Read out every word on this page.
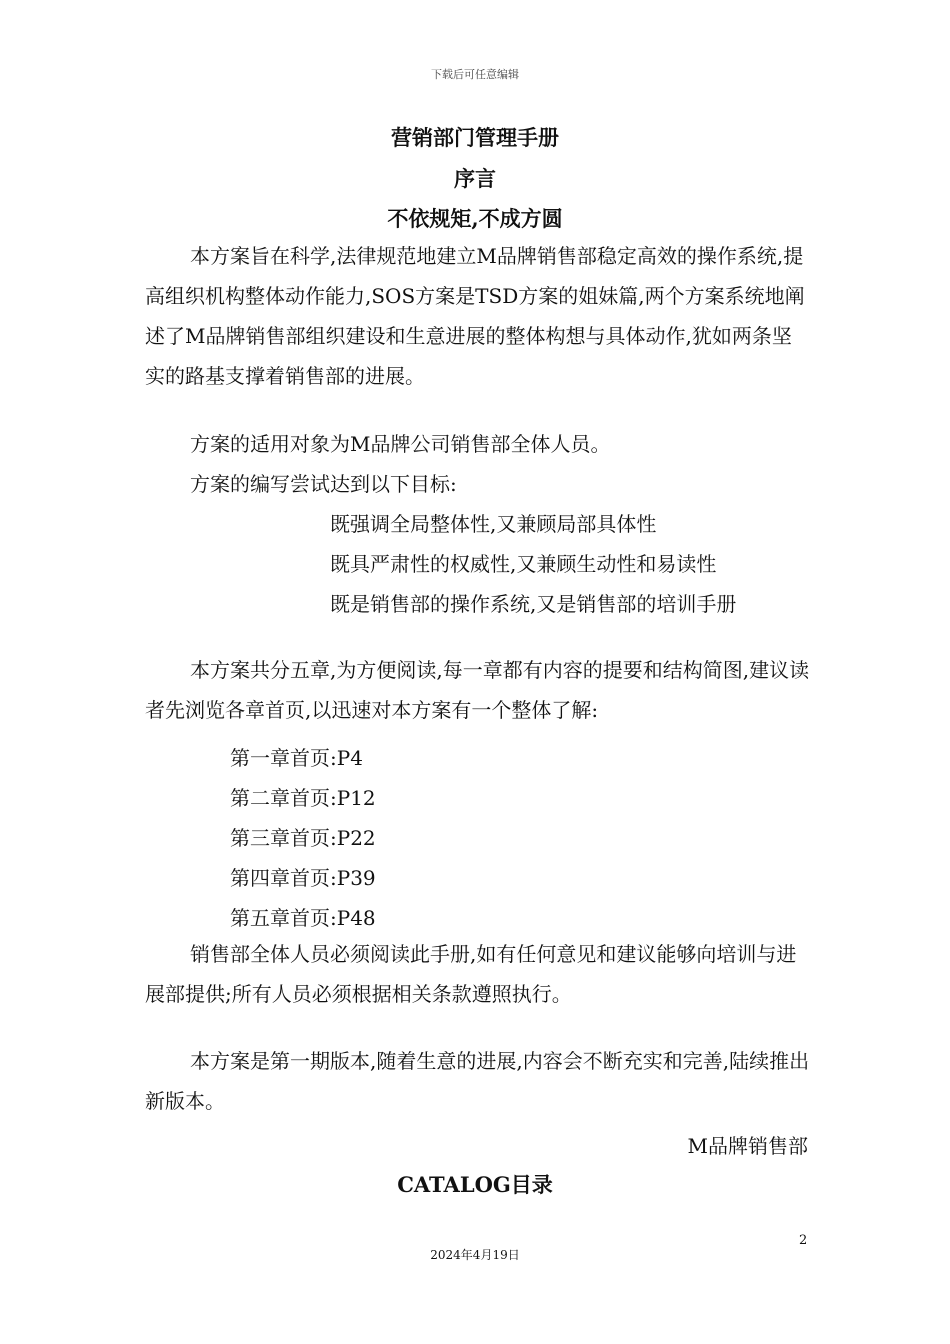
下载后可任意编辑
营销部门管理手册
序言
不依规矩,不成方圆

本方案旨在科学,法律规范地建立M品牌销售部稳定高效的操作系统,提高组织机构整体动作能力,SOS方案是TSD方案的姐妹篇,两个方案系统地阐述了M品牌销售部组织建设和生意进展的整体构想与具体动作,犹如两条坚实的路基支撑着销售部的进展。

方案的适用对象为M品牌公司销售部全体人员。

方案的编写尝试达到以下目标:

既强调全局整体性,又兼顾局部具体性
既具严肃性的权威性,又兼顾生动性和易读性
既是销售部的操作系统,又是销售部的培训手册

本方案共分五章,为方便阅读,每一章都有内容的提要和结构简图,建议读者先浏览各章首页,以迅速对本方案有一个整体了解:

第一章首页:P4
第二章首页:P12
第三章首页:P22
第四章首页:P39
第五章首页:P48

销售部全体人员必须阅读此手册,如有任何意见和建议能够向培训与进展部提供;所有人员必须根据相关条款遵照执行。

本方案是第一期版本,随着生意的进展,内容会不断充实和完善,陆续推出新版本。

M品牌销售部
CATALOG目录
2
2024年4月19日
